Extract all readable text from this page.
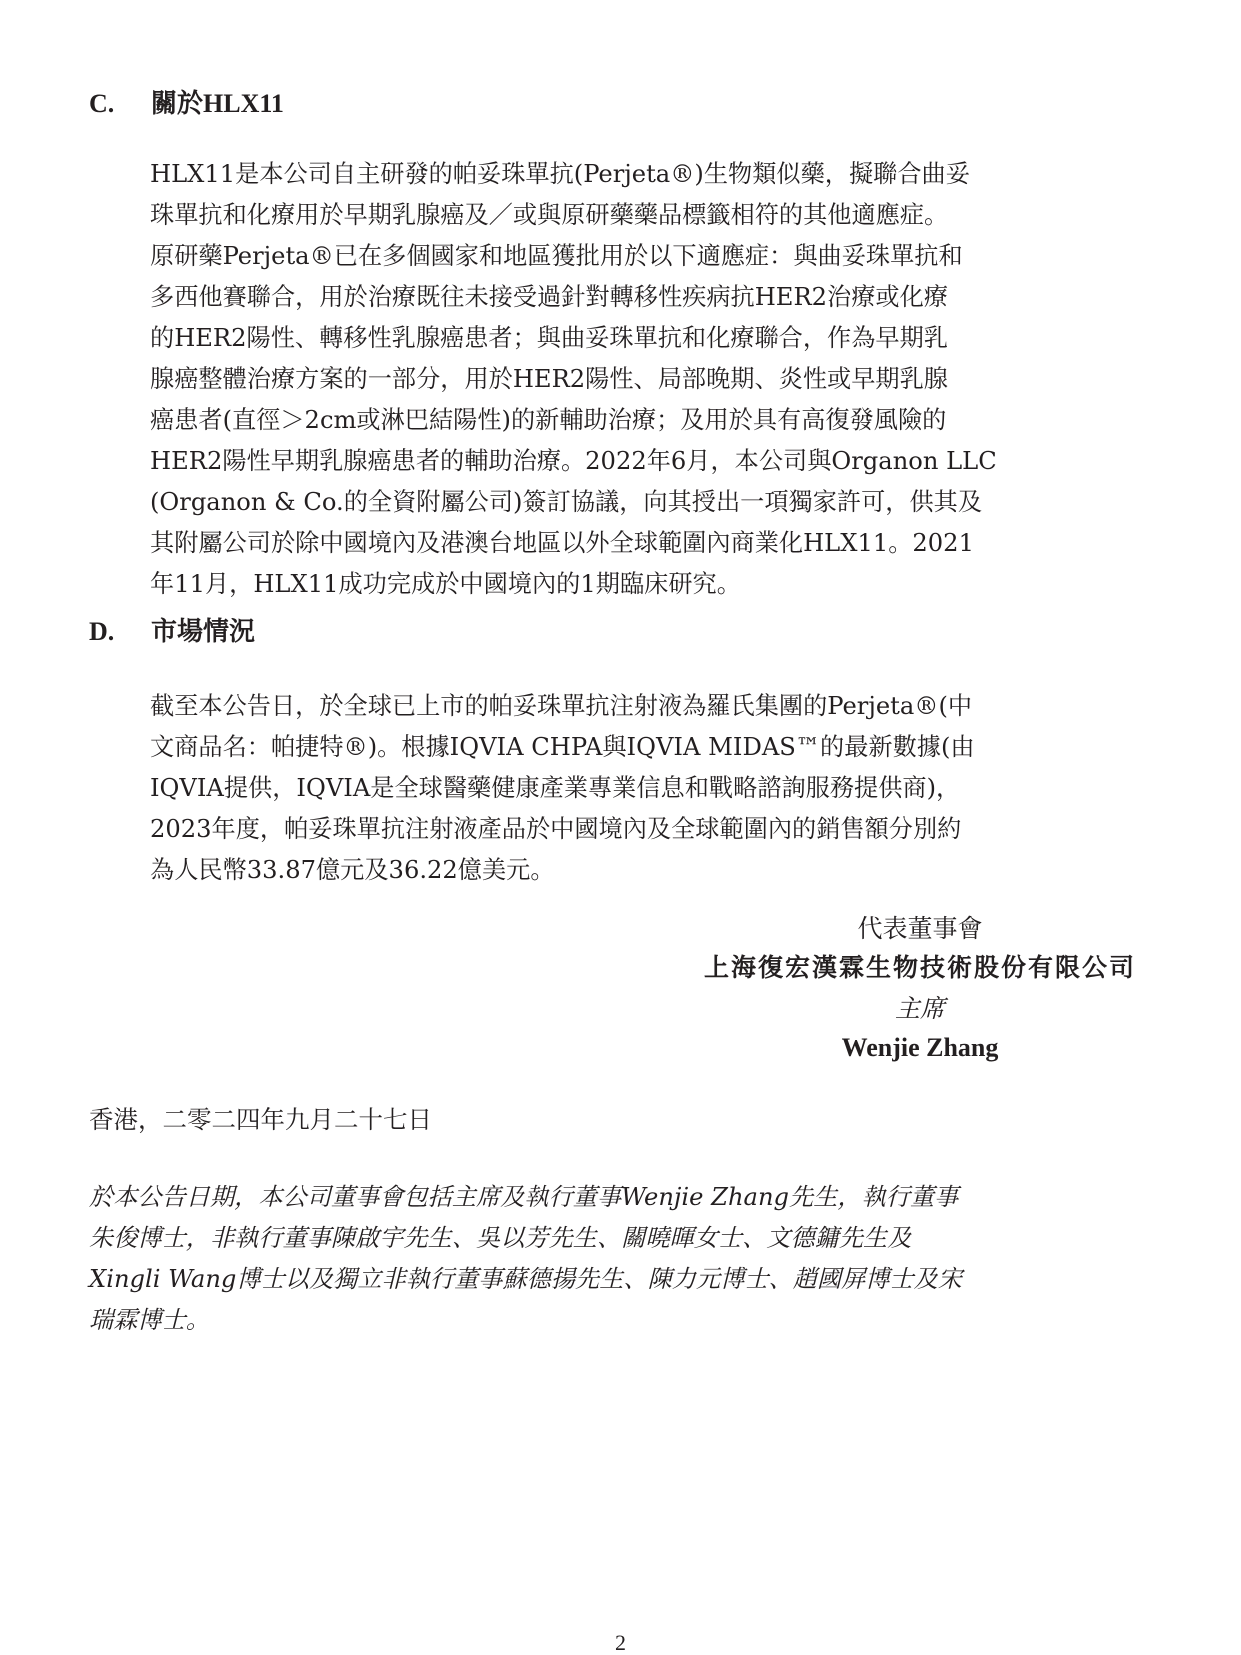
C. 關於HLX11
HLX11是本公司自主研發的帕妥珠單抗(Perjeta®)生物類似藥，擬聯合曲妥
珠單抗和化療用於早期乳腺癌及／或與原研藥藥品標籤相符的其他適應症。
原研藥Perjeta®已在多個國家和地區獲批用於以下適應症：與曲妥珠單抗和
多西他賽聯合，用於治療既往未接受過針對轉移性疾病抗HER2治療或化療
的HER2陽性、轉移性乳腺癌患者；與曲妥珠單抗和化療聯合，作為早期乳
腺癌整體治療方案的一部分，用於HER2陽性、局部晚期、炎性或早期乳腺
癌患者(直徑＞2cm或淋巴結陽性)的新輔助治療；及用於具有高復發風險的
HER2陽性早期乳腺癌患者的輔助治療。2022年6月，本公司與Organon LLC
(Organon & Co.的全資附屬公司)簽訂協議，向其授出一項獨家許可，供其及
其附屬公司於除中國境內及港澳台地區以外全球範圍內商業化HLX11。2021
年11月，HLX11成功完成於中國境內的1期臨床研究。
D. 市場情況
截至本公告日，於全球已上市的帕妥珠單抗注射液為羅氏集團的Perjeta®(中
文商品名：帕捷特®)。根據IQVIA CHPA與IQVIA MIDAS™的最新數據(由
IQVIA提供，IQVIA是全球醫藥健康產業專業信息和戰略諮詢服務提供商)，
2023年度，帕妥珠單抗注射液產品於中國境內及全球範圍內的銷售額分別約
為人民幣33.87億元及36.22億美元。

代表董事會

上海復宏漢霖生物技術股份有限公司

主席

Wenjie Zhang

香港，二零二四年九月二十七日

於本公告日期，本公司董事會包括主席及執行董事Wenjie Zhang先生，執行董事
朱俊博士，非執行董事陳啟宇先生、吳以芳先生、關曉暉女士、文德鏞先生及
Xingli Wang博士以及獨立非執行董事蘇德揚先生、陳力元博士、趙國屏博士及宋
瑞霖博士。

2
